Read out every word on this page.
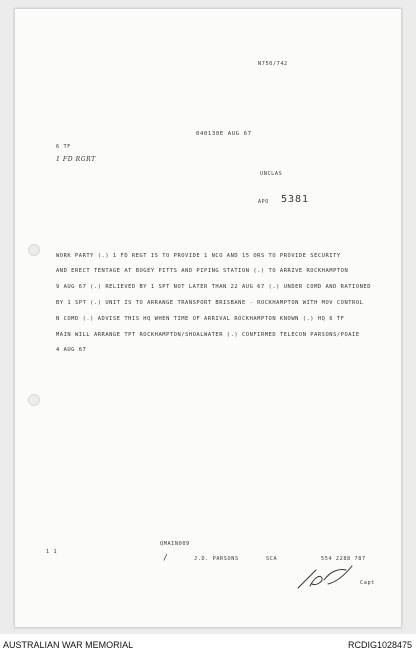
N750/742
040130E AUG 67
6 TF
1 FD RGRT
UNCLAS
APO 5381
WORK PARTY (.) 1 FD REGT IS TO PROVIDE 1 NCO AND 15 ORS TO PROVIDE SECURITY
AND ERECT TENTAGE AT BOGEY PITTS AND PIPING STATION (.) TO ARRIVE ROCKHAMPTON
9 AUG 67 (.) RELIEVED BY 1 SPT NOT LATER THAN 22 AUG 67 (.) UNDER COMD AND RATIONED
BY 1 SPT (.) UNIT IS TO ARRANGE TRANSPORT BRISBANE - ROCKHAMPTON WITH MOV CONTROL
N COMD (.) ADVISE THIS HQ WHEN TIME OF ARRIVAL ROCKHAMPTON KNOWN (.) HQ 6 TF
MAIN WILL ARRANGE TPT ROCKHAMPTON/SHOALWATER (.) CONFIRMED TELECON PARSONS/POAIE
4 AUG 67
QMAIN009
1 1
/	J.D. PARSONS	SCA	554 2288 787
Capt
AUSTRALIAN WAR MEMORIAL	RCDIG1028475
